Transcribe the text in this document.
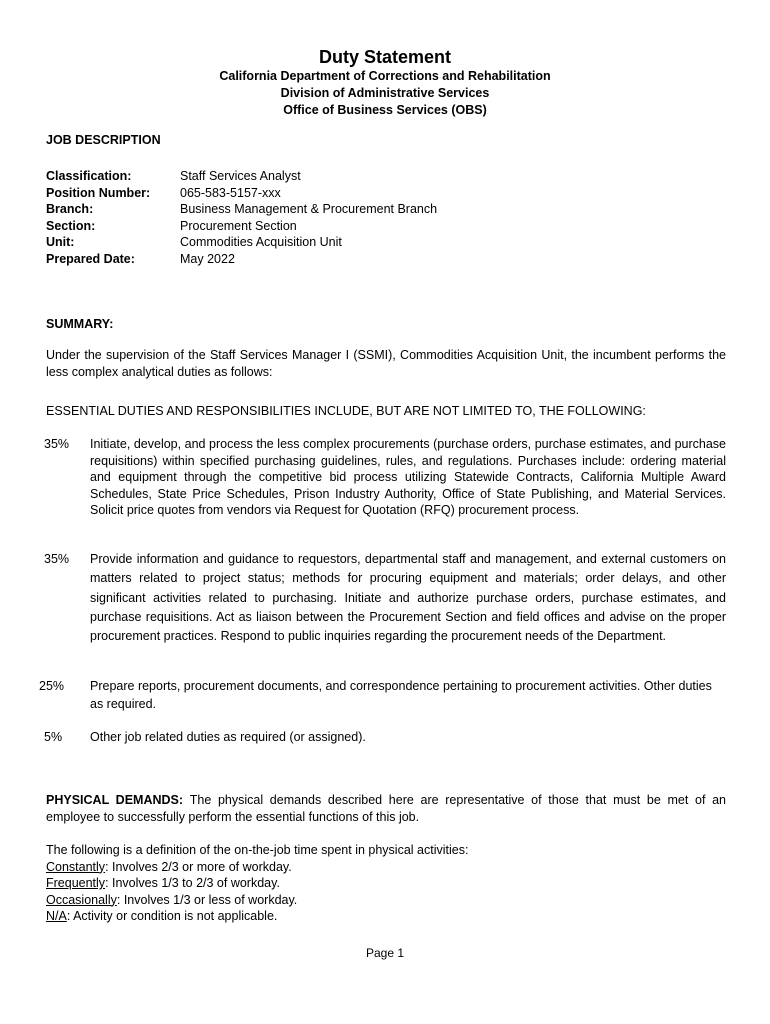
Duty Statement
California Department of Corrections and Rehabilitation
Division of Administrative Services
Office of Business Services (OBS)
JOB DESCRIPTION
Classification:	Staff Services Analyst
Position Number:	065-583-5157-xxx
Branch:	Business Management & Procurement Branch
Section:	Procurement Section
Unit:	Commodities Acquisition Unit
Prepared Date:	May 2022
SUMMARY:
Under the supervision of the Staff Services Manager I (SSMI), Commodities Acquisition Unit, the incumbent performs the less complex analytical duties as follows:
ESSENTIAL DUTIES AND RESPONSIBILITIES INCLUDE, BUT ARE NOT LIMITED TO, THE FOLLOWING:
35%	Initiate, develop, and process the less complex procurements (purchase orders, purchase estimates, and purchase requisitions) within specified purchasing guidelines, rules, and regulations. Purchases include: ordering material and equipment through the competitive bid process utilizing Statewide Contracts, California Multiple Award Schedules, State Price Schedules, Prison Industry Authority, Office of State Publishing, and Material Services. Solicit price quotes from vendors via Request for Quotation (RFQ) procurement process.
35%	Provide information and guidance to requestors, departmental staff and management, and external customers on matters related to project status; methods for procuring equipment and materials; order delays, and other significant activities related to purchasing. Initiate and authorize purchase orders, purchase estimates, and purchase requisitions. Act as liaison between the Procurement Section and field offices and advise on the proper procurement practices. Respond to public inquiries regarding the procurement needs of the Department.
25%	Prepare reports, procurement documents, and correspondence pertaining to procurement activities. Other duties as required.
5%	Other job related duties as required (or assigned).
PHYSICAL DEMANDS: The physical demands described here are representative of those that must be met of an employee to successfully perform the essential functions of this job.
The following is a definition of the on-the-job time spent in physical activities:
Constantly: Involves 2/3 or more of workday.
Frequently: Involves 1/3 to 2/3 of workday.
Occasionally: Involves 1/3 or less of workday.
N/A: Activity or condition is not applicable.
Page 1
